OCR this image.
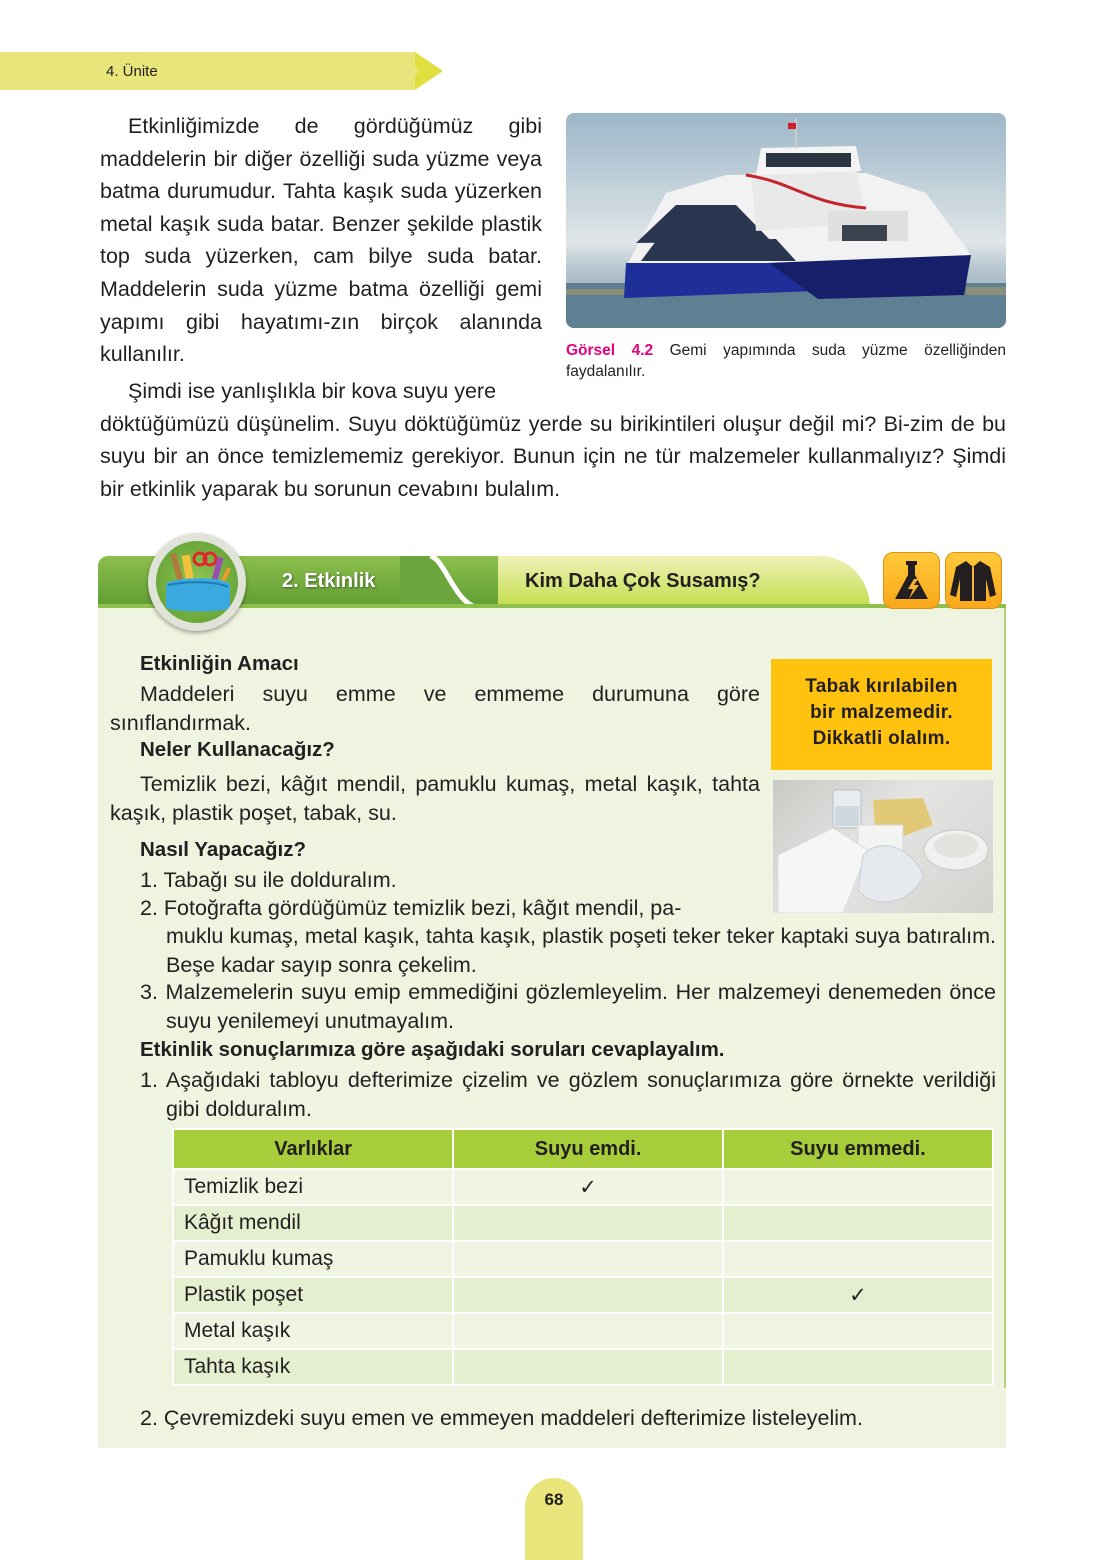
4. Ünite
Etkinliğimizde de gördüğümüz gibi maddelerin bir diğer özelliği suda yüzme veya batma durumudur. Tahta kaşık suda yüzerken metal kaşık suda batar. Benzer şekilde plastik top suda yüzerken, cam bilye suda batar. Maddelerin suda yüzme batma özelliği gemi yapımı gibi hayatımı-zın birçok alanında kullanılır.	Görsel 4.2 Gemi yapımında suda yüzme özelliğinden faydalanılır.
Şimdi ise yanlışlıkla bir kova suyu yere
döktüğümüzü düşünelim. Suyu döktüğümüz yerde su birikintileri oluşur değil mi? Bi-zim de bu suyu bir an önce temizlememiz gerekiyor. Bunun için ne tür malzemeler kullanmalıyız? Şimdi bir etkinlik yaparak bu sorunun cevabını bulalım.
2. Etkinlik	Kim Daha Çok Susamış?
Etkinliğin Amacı
Maddeleri suyu emme ve emmeme durumuna göre sınıflandırmak.
Neler Kullanacağız?
Temizlik bezi, kâğıt mendil, pamuklu kumaş, metal kaşık, tahta kaşık, plastik poşet, tabak, su.
Tabak kırılabilen
bir malzemedir.
Dikkatli olalım.
Nasıl Yapacağız?
1. Tabağı su ile dolduralım.
2. Fotoğrafta gördüğümüz temizlik bezi, kâğıt mendil, pa-
muklu kumaş, metal kaşık, tahta kaşık, plastik poşeti teker teker kaptaki suya batıralım. Beşe kadar sayıp sonra çekelim.
3. Malzemelerin suyu emip emmediğini gözlemleyelim. Her malzemeyi denemeden önce suyu yenilemeyi unutmayalım.
Etkinlik sonuçlarımıza göre aşağıdaki soruları cevaplayalım.
1. Aşağıdaki tabloyu defterimize çizelim ve gözlem sonuçlarımıza göre örnekte verildiği gibi dolduralım.
Varlıklar	Suyu emdi.	Suyu emmedi.
Temizlik bezi	✓	
Kâğıt mendil		
Pamuklu kumaş		
Plastik poşet		✓
Metal kaşık		
Tahta kaşık		
2. Çevremizdeki suyu emen ve emmeyen maddeleri defterimize listeleyelim.
68
